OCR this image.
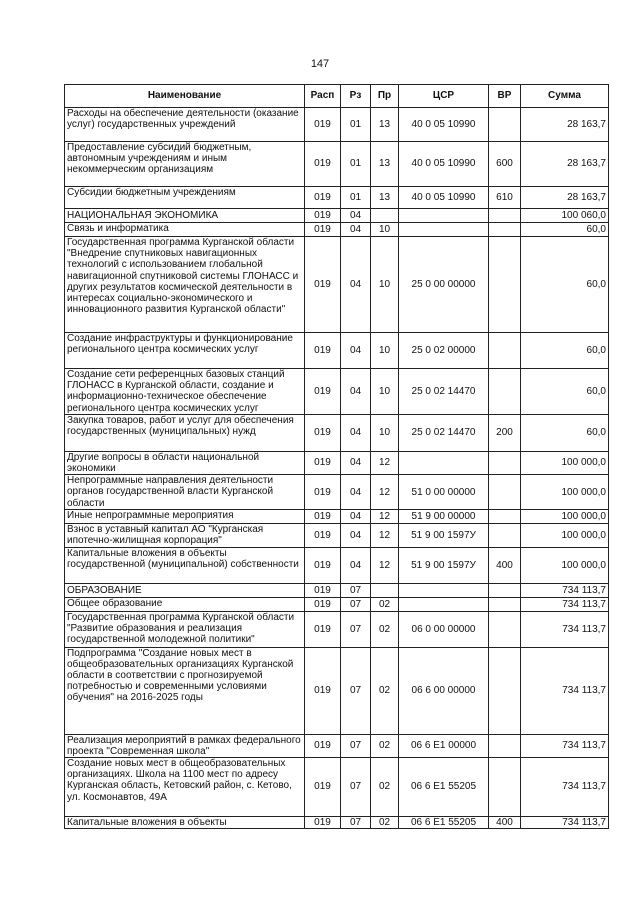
147
Наименование	Расп	Рз	Пр	ЦСР	ВР	Сумма
Расходы на обеспечение деятельности (оказание услуг) государственных учреждений	019	01	13	40 0 05 10990		28 163,7
Предоставление субсидий бюджетным, автономным учреждениям и иным некоммерческим организациям	019	01	13	40 0 05 10990	600	28 163,7
Субсидии бюджетным учреждениям	019	01	13	40 0 05 10990	610	28 163,7
НАЦИОНАЛЬНАЯ ЭКОНОМИКА	019	04				100 060,0
Связь и информатика	019	04	10			60,0
Государственная программа Курганской области "Внедрение спутниковых навигационных технологий с использованием глобальной навигационной спутниковой системы ГЛОНАСС и других результатов космической деятельности в интересах социально-экономического и инновационного развития Курганской области"	019	04	10	25 0 00 00000		60,0
Создание инфраструктуры и функционирование регионального центра космических услуг	019	04	10	25 0 02 00000		60,0
Создание сети референцных базовых станций ГЛОНАСС в Курганской области, создание и информационно-техническое обеспечение регионального центра космических услуг	019	04	10	25 0 02 14470		60,0
Закупка товаров, работ и услуг для обеспечения государственных (муниципальных) нужд	019	04	10	25 0 02 14470	200	60,0
Другие вопросы в области национальной экономики	019	04	12			100 000,0
Непрограммные направления деятельности органов государственной власти Курганской области	019	04	12	51 0 00 00000		100 000,0
Иные непрограммные мероприятия	019	04	12	51 9 00 00000		100 000,0
Взнос в уставный капитал АО "Курганская ипотечно-жилищная корпорация"	019	04	12	51 9 00 1597У		100 000,0
Капитальные вложения в объекты государственной (муниципальной) собственности	019	04	12	51 9 00 1597У	400	100 000,0
ОБРАЗОВАНИЕ	019	07				734 113,7
Общее образование	019	07	02			734 113,7
Государственная программа Курганской области "Развитие образования и реализация государственной молодежной политики"	019	07	02	06 0 00 00000		734 113,7
Подпрограмма "Создание новых мест в общеобразовательных организациях Курганской области в соответствии с прогнозируемой потребностью и современными условиями обучения" на 2016-2025 годы	019	07	02	06 6 00 00000		734 113,7
Реализация мероприятий в рамках федерального проекта "Современная школа"	019	07	02	06 6 Е1 00000		734 113,7
Создание новых мест в общеобразовательных организациях. Школа на 1100 мест по адресу Курганская область, Кетовский район, с. Кетово, ул. Космонавтов, 49А	019	07	02	06 6 Е1 55205		734 113,7
Капитальные вложения в объекты	019	07	02	06 6 Е1 55205	400	734 113,7
